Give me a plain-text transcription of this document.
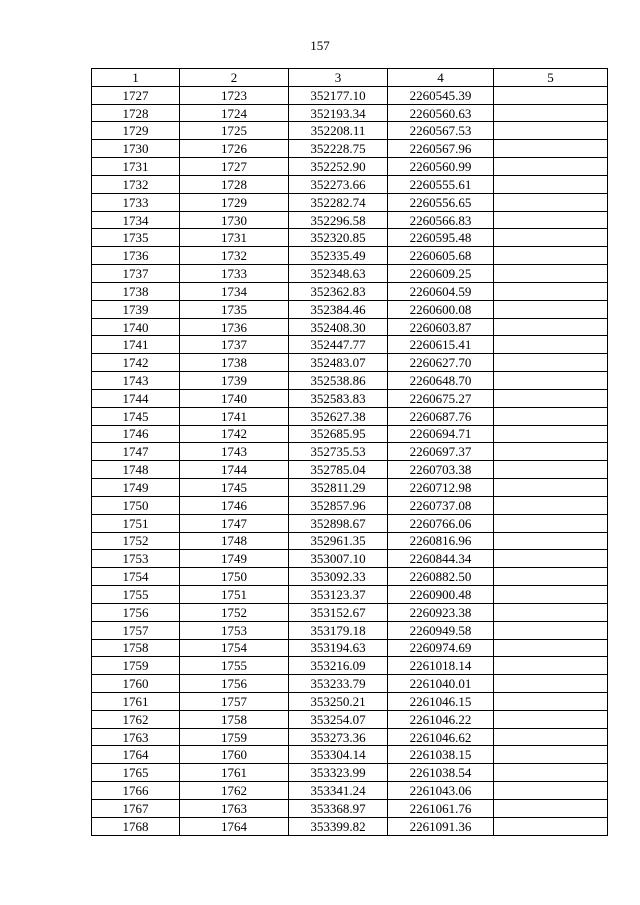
157
1	2	3	4	5
1727	1723	352177.10	2260545.39	
1728	1724	352193.34	2260560.63	
1729	1725	352208.11	2260567.53	
1730	1726	352228.75	2260567.96	
1731	1727	352252.90	2260560.99	
1732	1728	352273.66	2260555.61	
1733	1729	352282.74	2260556.65	
1734	1730	352296.58	2260566.83	
1735	1731	352320.85	2260595.48	
1736	1732	352335.49	2260605.68	
1737	1733	352348.63	2260609.25	
1738	1734	352362.83	2260604.59	
1739	1735	352384.46	2260600.08	
1740	1736	352408.30	2260603.87	
1741	1737	352447.77	2260615.41	
1742	1738	352483.07	2260627.70	
1743	1739	352538.86	2260648.70	
1744	1740	352583.83	2260675.27	
1745	1741	352627.38	2260687.76	
1746	1742	352685.95	2260694.71	
1747	1743	352735.53	2260697.37	
1748	1744	352785.04	2260703.38	
1749	1745	352811.29	2260712.98	
1750	1746	352857.96	2260737.08	
1751	1747	352898.67	2260766.06	
1752	1748	352961.35	2260816.96	
1753	1749	353007.10	2260844.34	
1754	1750	353092.33	2260882.50	
1755	1751	353123.37	2260900.48	
1756	1752	353152.67	2260923.38	
1757	1753	353179.18	2260949.58	
1758	1754	353194.63	2260974.69	
1759	1755	353216.09	2261018.14	
1760	1756	353233.79	2261040.01	
1761	1757	353250.21	2261046.15	
1762	1758	353254.07	2261046.22	
1763	1759	353273.36	2261046.62	
1764	1760	353304.14	2261038.15	
1765	1761	353323.99	2261038.54	
1766	1762	353341.24	2261043.06	
1767	1763	353368.97	2261061.76	
1768	1764	353399.82	2261091.36	
